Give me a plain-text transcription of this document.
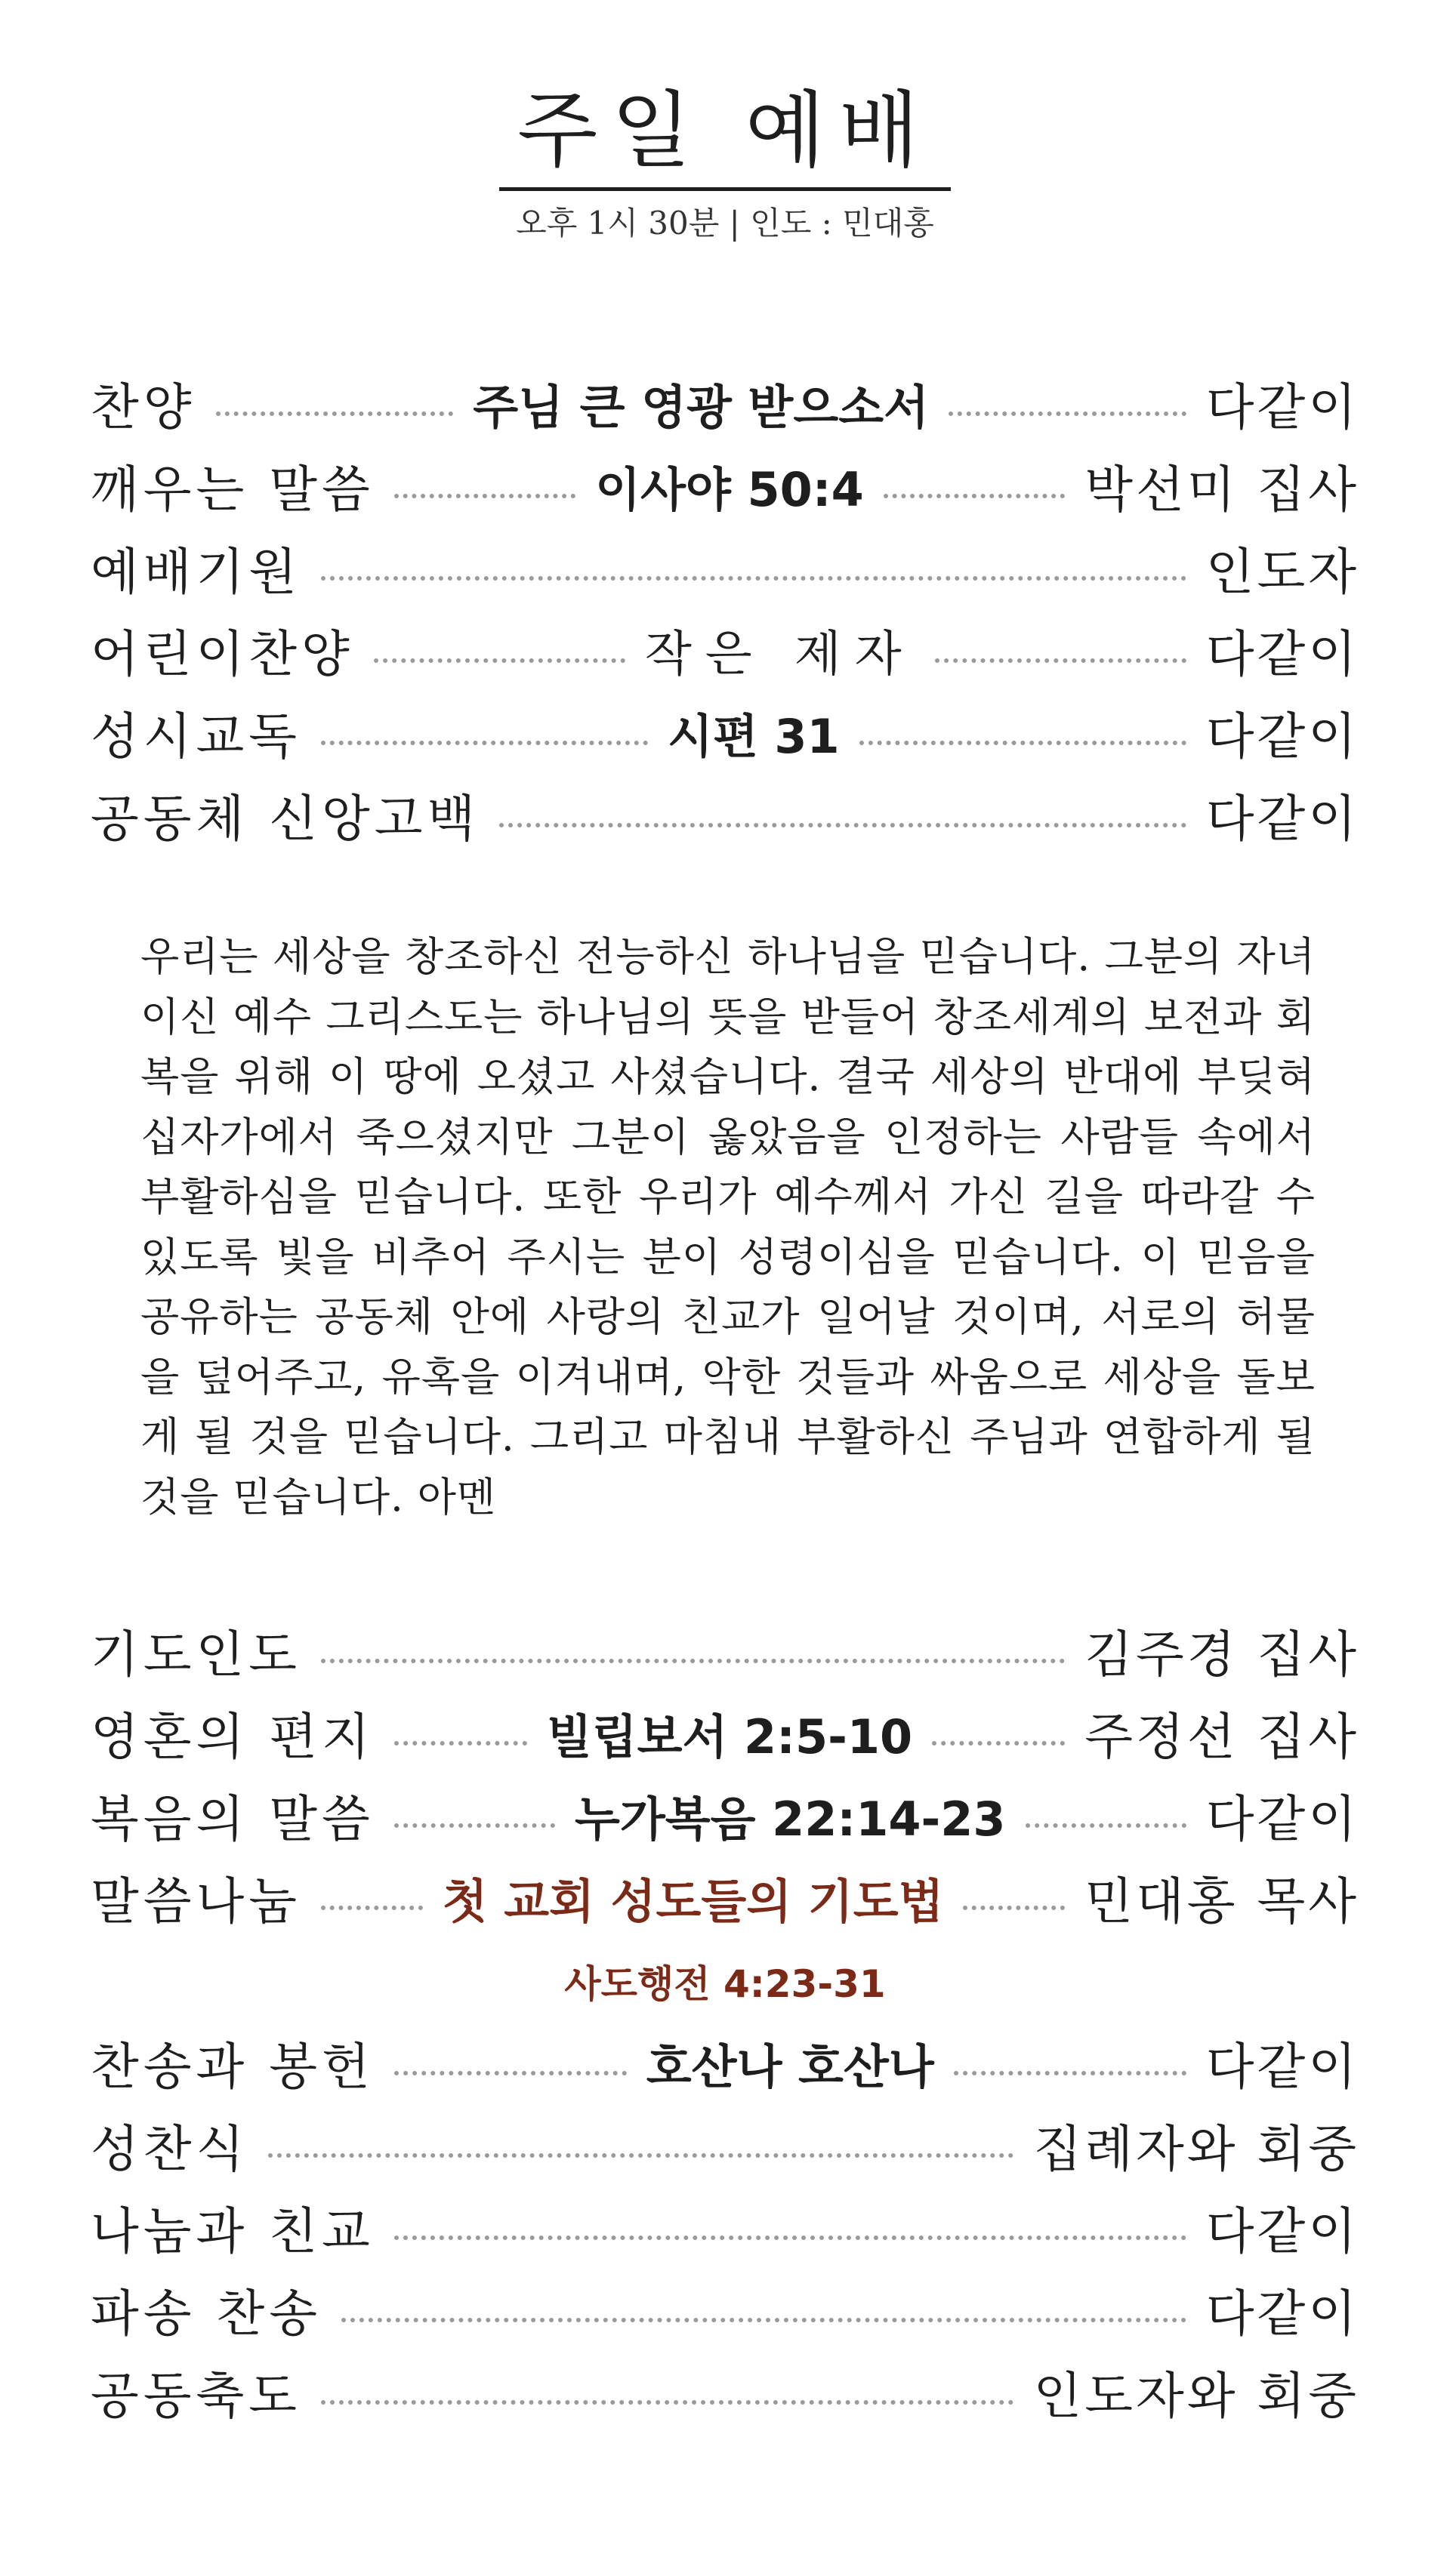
주일 예배
오후 1시 30분 | 인도 : 민대홍
찬양	주님 큰 영광 받으소서	다같이
깨우는 말씀	이사야 50:4	박선미 집사
예배기원	인도자
어린이찬양	작은 제자	다같이
성시교독	시편 31	다같이
공동체 신앙고백	다같이
우리는 세상을 창조하신 전능하신 하나님을 믿습니다. 그분의 자녀이신 예수 그리스도는 하나님의 뜻을 받들어 창조세계의 보전과 회복을 위해 이 땅에 오셨고 사셨습니다. 결국 세상의 반대에 부딪혀 십자가에서 죽으셨지만 그분이 옳았음을 인정하는 사람들 속에서 부활하심을 믿습니다. 또한 우리가 예수께서 가신 길을 따라갈 수 있도록 빛을 비추어 주시는 분이 성령이심을 믿습니다. 이 믿음을 공유하는 공동체 안에 사랑의 친교가 일어날 것이며, 서로의 허물을 덮어주고, 유혹을 이겨내며, 악한 것들과 싸움으로 세상을 돌보게 될 것을 믿습니다. 그리고 마침내 부활하신 주님과 연합하게 될 것을 믿습니다. 아멘
기도인도	김주경 집사
영혼의 편지	빌립보서 2:5-10	주정선 집사
복음의 말씀	누가복음 22:14-23	다같이
말씀나눔	첫 교회 성도들의 기도법	민대홍 목사
사도행전 4:23-31
찬송과 봉헌	호산나 호산나	다같이
성찬식	집례자와 회중
나눔과 친교	다같이
파송 찬송	다같이
공동축도	인도자와 회중
